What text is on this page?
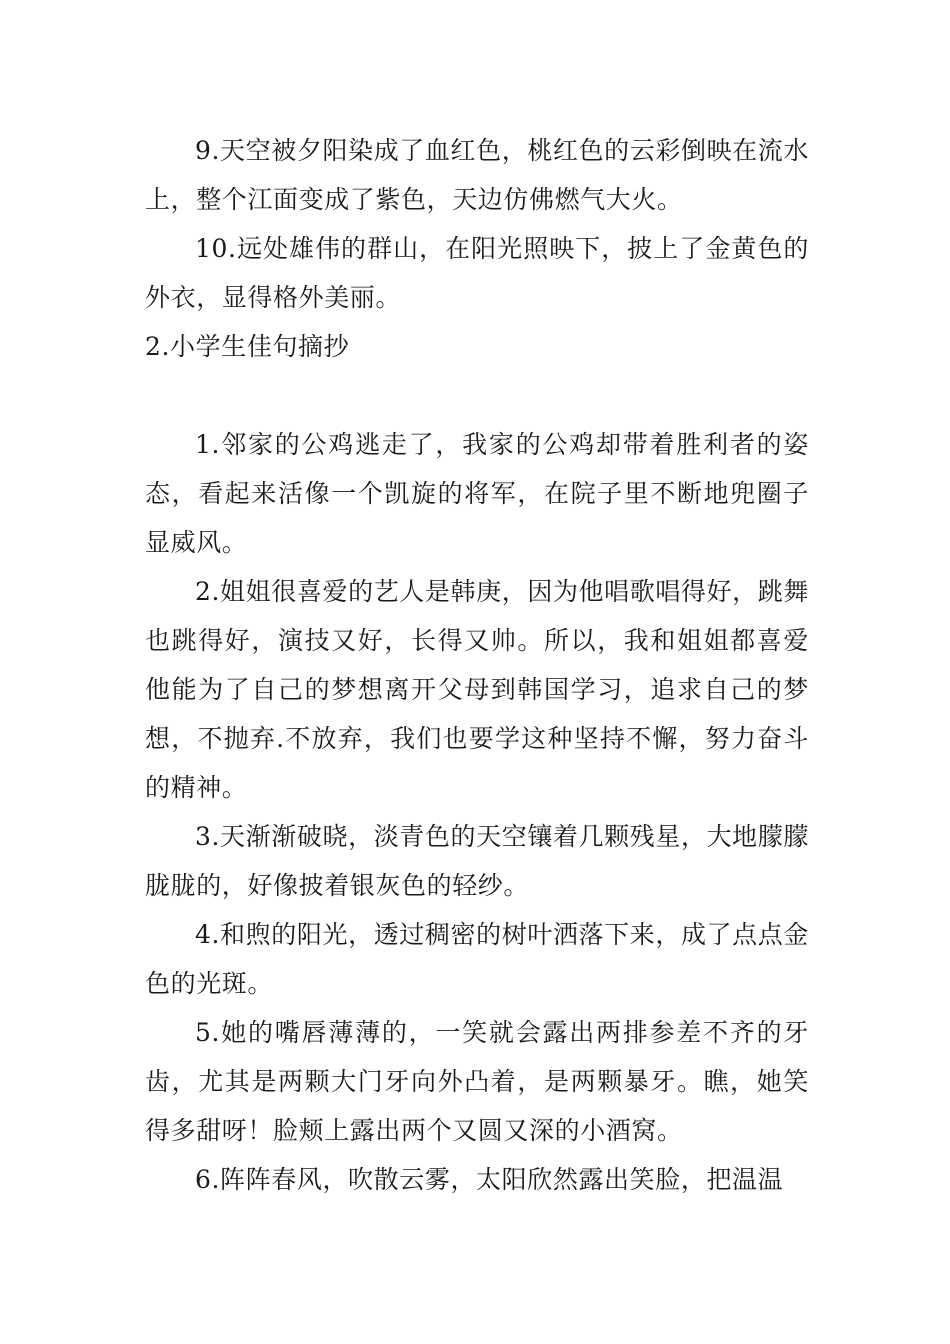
9.天空被夕阳染成了血红色，桃红色的云彩倒映在流水上，整个江面变成了紫色，天边仿佛燃气大火。

10.远处雄伟的群山，在阳光照映下，披上了金黄色的外衣，显得格外美丽。

2.小学生佳句摘抄

1.邻家的公鸡逃走了，我家的公鸡却带着胜利者的姿态，看起来活像一个凯旋的将军，在院子里不断地兜圈子显威风。

2.姐姐很喜爱的艺人是韩庚，因为他唱歌唱得好，跳舞也跳得好，演技又好，长得又帅。所以，我和姐姐都喜爱他能为了自己的梦想离开父母到韩国学习，追求自己的梦想，不抛弃.不放弃，我们也要学这种坚持不懈，努力奋斗的精神。

3.天渐渐破晓，淡青色的天空镶着几颗残星，大地朦朦胧胧的，好像披着银灰色的轻纱。

4.和煦的阳光，透过稠密的树叶洒落下来，成了点点金色的光斑。

5.她的嘴唇薄薄的，一笑就会露出两排参差不齐的牙齿，尤其是两颗大门牙向外凸着，是两颗暴牙。瞧，她笑得多甜呀！脸颊上露出两个又圆又深的小酒窝。

6.阵阵春风，吹散云雾，太阳欣然露出笑脸，把温温
